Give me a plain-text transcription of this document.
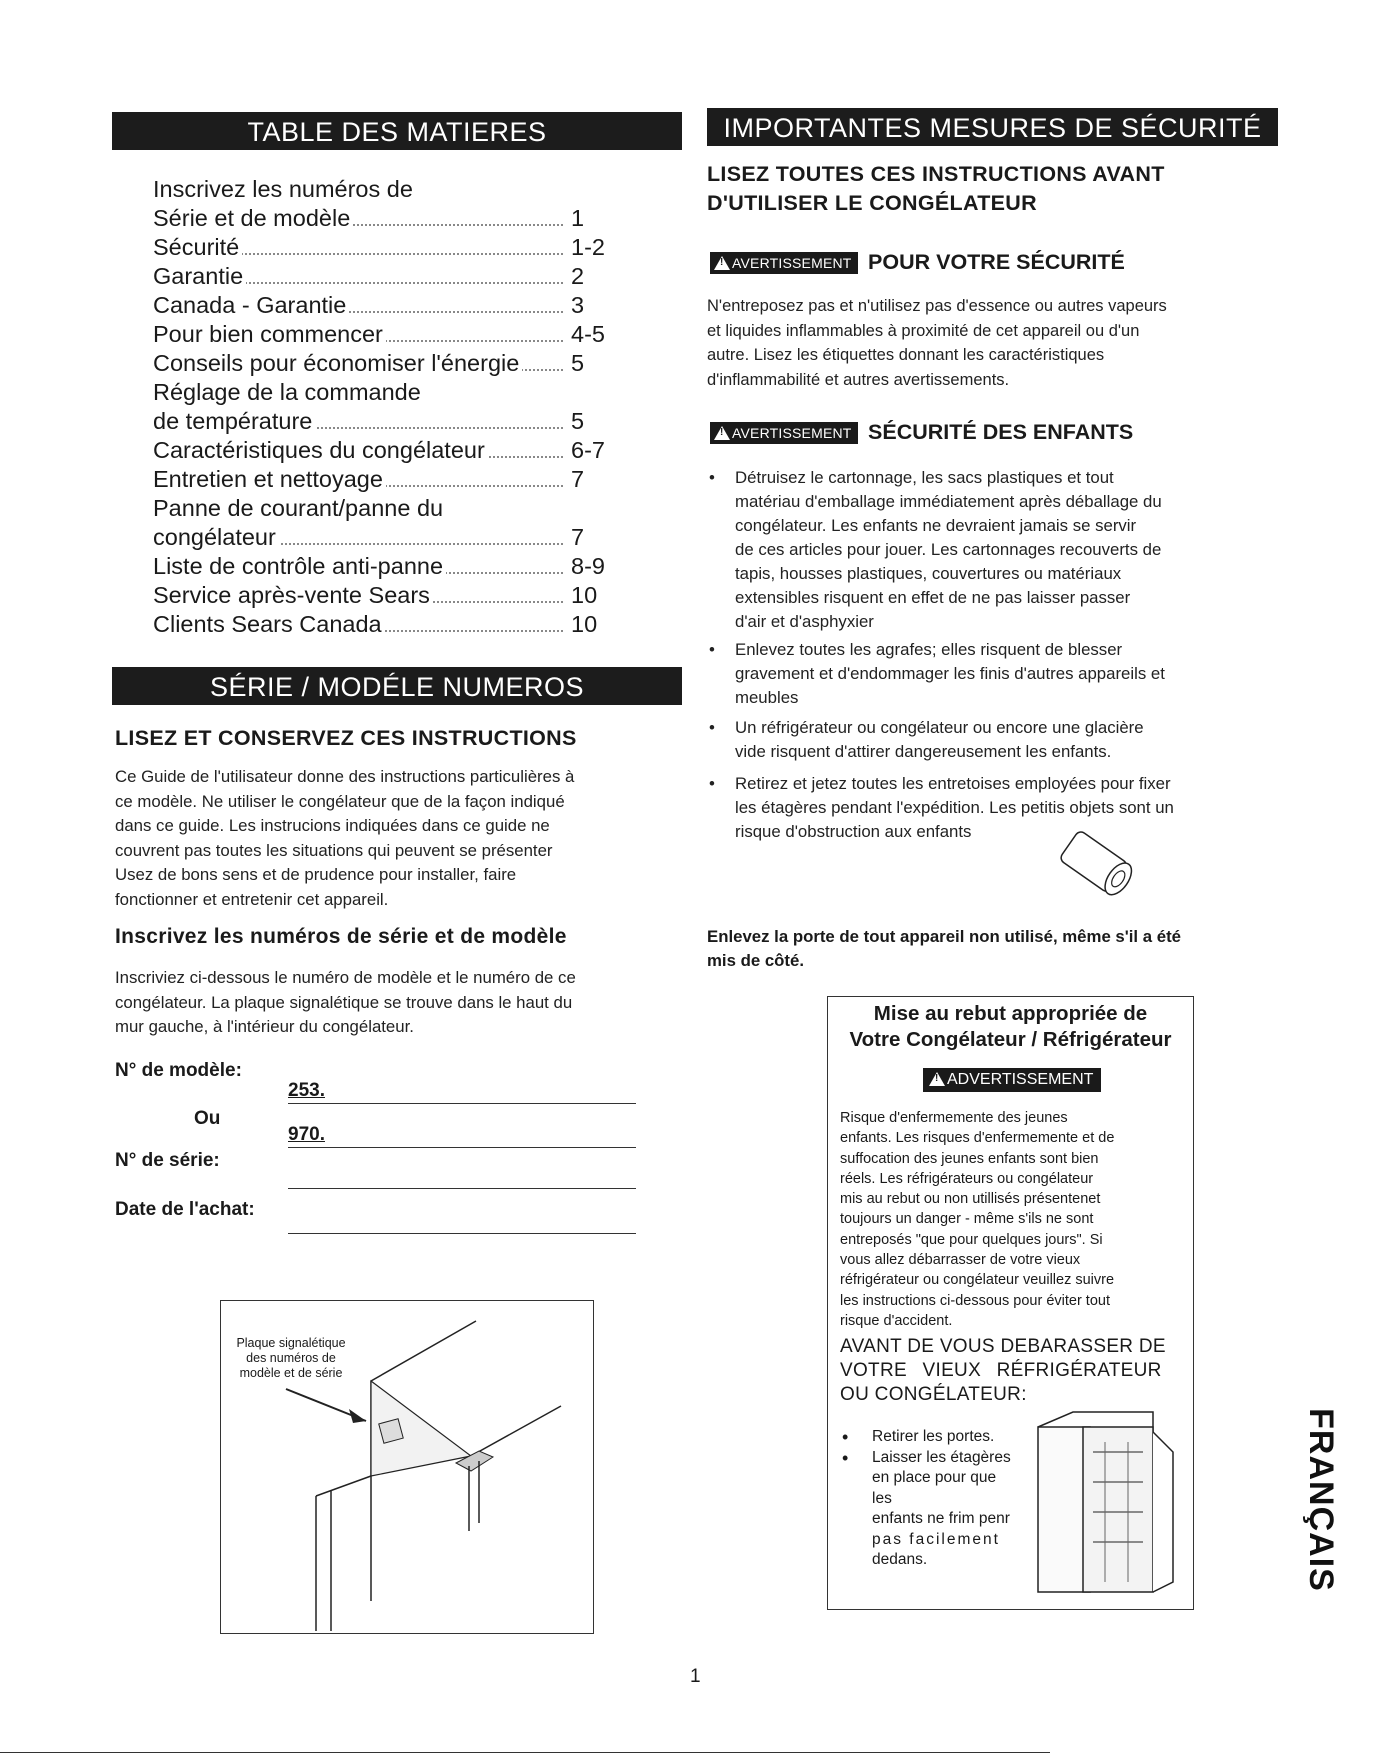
TABLE DES MATIERES
Inscrivez les numéros de
Série et de modèle	1
Sécurité	1-2
Garantie	2
Canada - Garantie	3
Pour bien commencer	4-5
Conseils pour économiser l'énergie 5
Réglage de la commande
de température	5
Caractéristiques du congélateur	6-7
Entretien et nettoyage	7
Panne de courant/panne du
congélateur	7
Liste de contrôle anti-panne	8-9
Service après-vente Sears	10
Clients Sears Canada	10
SÉRIE / MODÉLE NUMEROS
LISEZ ET CONSERVEZ CES INSTRUCTIONS
Ce Guide de l'utilisateur donne des instructions particulières à
ce modèle. Ne utiliser le congélateur que de la façon indiqué
dans ce guide. Les instrucions indiquées dans ce guide ne
couvrent pas toutes les situations qui peuvent se présenter
Usez de bons sens et de prudence pour installer, faire
fonctionner et entretenir cet appareil.
Inscrivez les numéros de série et de modèle
Inscriviez ci-dessous le numéro de modèle et le numéro de ce
congélateur. La plaque signalétique se trouve dans le haut du
mur gauche, à l'intérieur du congélateur.
N° de modèle:
253.
Ou
970.
N° de série:
Date de l'achat:
Plaque signalétique
des numéros de
modèle et de série
IMPORTANTES MESURES DE SÉCURITÉ
LISEZ TOUTES CES INSTRUCTIONS AVANT
D'UTILISER LE CONGÉLATEUR
!AVERTISSEMENT POUR VOTRE SÉCURITÉ
N'entreposez pas et n'utilisez pas d'essence ou autres vapeurs
et liquides inflammables à proximité de cet appareil ou d'un
autre. Lisez les étiquettes donnant les caractéristiques
d'inflammabilité et autres avertissements.
!AVERTISSEMENT SÉCURITÉ DES ENFANTS
• Détruisez le cartonnage, les sacs plastiques et tout
matériau d'emballage immédiatement après déballage du
congélateur. Les enfants ne devraient jamais se servir
de ces articles pour jouer. Les cartonnages recouverts de
tapis, housses plastiques, couvertures ou matériaux
extensibles risquent en effet de ne pas laisser passer
d'air et d'asphyxier
• Enlevez toutes les agrafes; elles risquent de blesser
gravement et d'endommager les finis d'autres appareils et
meubles
• Un réfrigérateur ou congélateur ou encore une glacière
vide risquent d'attirer dangereusement les enfants.
• Retirez et jetez toutes les entretoises employées pour fixer
les étagères pendant l'expédition. Les petitis objets sont un
risque d'obstruction aux enfants
Enlevez la porte de tout appareil non utilisé, même s'il a été
mis de côté.
Mise au rebut appropriée de
Votre Congélateur / Réfrigérateur
!ADVERTISSEMENT
Risque d'enfermemente des jeunes
enfants. Les risques d'enfermemente et de
suffocation des jeunes enfants sont bien
réels. Les réfrigérateurs ou congélateur
mis au rebut ou non utillisés présentenet
toujours un danger - même s'ils ne sont
entreposés "que pour quelques jours". Si
vous allez débarrasser de votre vieux
réfrigérateur ou congélateur veuillez suivre
les instructions ci-dessous pour éviter tout
risque d'accident.
AVANT DE VOUS DEBARASSER DE
VOTRE VIEUX RÉFRIGÉRATEUR
OU CONGÉLATEUR:
• Retirer les portes.
• Laisser les étagères
en place pour que les
enfants ne frim penr
pas facilement
dedans.	FRANÇAIS
1
